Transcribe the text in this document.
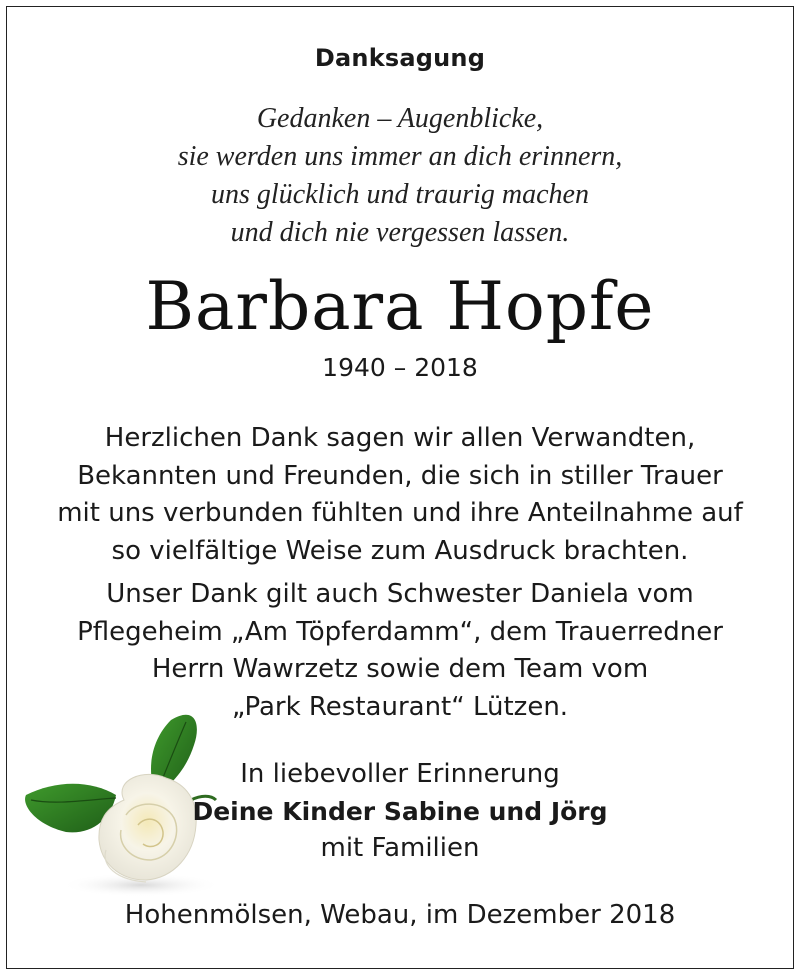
Danksagung
Gedanken – Augenblicke,
sie werden uns immer an dich erinnern,
uns glücklich und traurig machen
und dich nie vergessen lassen.
Barbara Hopfe
1940 – 2018
Herzlichen Dank sagen wir allen Verwandten,
Bekannten und Freunden, die sich in stiller Trauer
mit uns verbunden fühlten und ihre Anteilnahme auf
so vielfältige Weise zum Ausdruck brachten.
Unser Dank gilt auch Schwester Daniela vom
Pflegeheim „Am Töpferdamm“, dem Trauerredner
Herrn Wawrzetz sowie dem Team vom
„Park Restaurant“ Lützen.
In liebevoller Erinnerung
Deine Kinder Sabine und Jörg
mit Familien
Hohenmölsen, Webau, im Dezember 2018
